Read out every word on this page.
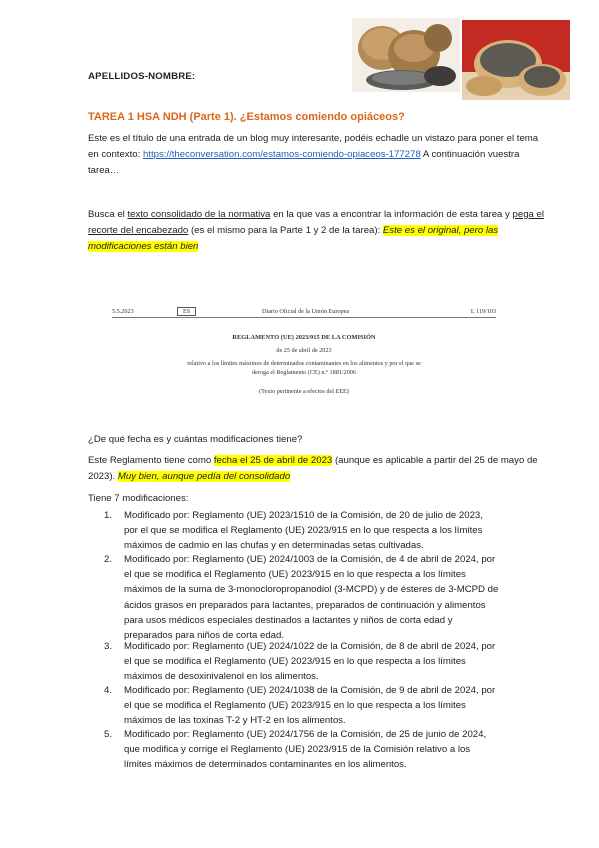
APELLIDOS-NOMBRE:
TAREA 1 HSA NDH (Parte 1). ¿Estamos comiendo opiáceos?
Este es el título de una entrada de un blog muy interesante, podéis echadle un vistazo para poner el tema en contexto: https://theconversation.com/estamos-comiendo-opiaceos-177278 A continuación vuestra tarea…
Busca el texto consolidado de la normativa en la que vas a encontrar la información de esta tarea y pega el recorte del encabezado (es el mismo para la Parte 1 y 2 de la tarea): Este es el original, pero las modificaciones están bien
5.5.2023	ES	Diario Oficial de la Unión Europea	L 119/103
REGLAMENTO (UE) 2023/915 DE LA COMISIÓN
de 25 de abril de 2023
relativo a los límites máximos de determinados contaminantes en los alimentos y por el que se
deroga el Reglamento (CE) n.º 1881/2006
(Texto pertinente a efectos del EEE)
¿De qué fecha es y cuántas modificaciones tiene?
Este Reglamento tiene como fecha el 25 de abril de 2023 (aunque es aplicable a partir del 25 de mayo de 2023). Muy bien, aunque pedía del consolidado
Tiene 7 modificaciones:
1. Modificado por: Reglamento (UE) 2023/1510 de la Comisión, de 20 de julio de 2023,
por el que se modifica el Reglamento (UE) 2023/915 en lo que respecta a los límites
máximos de cadmio en las chufas y en determinadas setas cultivadas.
2. Modificado por: Reglamento (UE) 2024/1003 de la Comisión, de 4 de abril de 2024, por
el que se modifica el Reglamento (UE) 2023/915 en lo que respecta a los límites
máximos de la suma de 3-monocloropropanodiol (3-MCPD) y de ésteres de 3-MCPD de
ácidos grasos en preparados para lactantes, preparados de continuación y alimentos
para usos médicos especiales destinados a lactantes y niños de corta edad y
preparados para niños de corta edad.
3. Modificado por: Reglamento (UE) 2024/1022 de la Comisión, de 8 de abril de 2024, por
el que se modifica el Reglamento (UE) 2023/915 en lo que respecta a los límites
máximos de desoxinivalenol en los alimentos.
4. Modificado por: Reglamento (UE) 2024/1038 de la Comisión, de 9 de abril de 2024, por
el que se modifica el Reglamento (UE) 2023/915 en lo que respecta a los límites
máximos de las toxinas T-2 y HT-2 en los alimentos.
5. Modificado por: Reglamento (UE) 2024/1756 de la Comisión, de 25 de junio de 2024,
que modifica y corrige el Reglamento (UE) 2023/915 de la Comisión relativo a los
límites máximos de determinados contaminantes en los alimentos.
